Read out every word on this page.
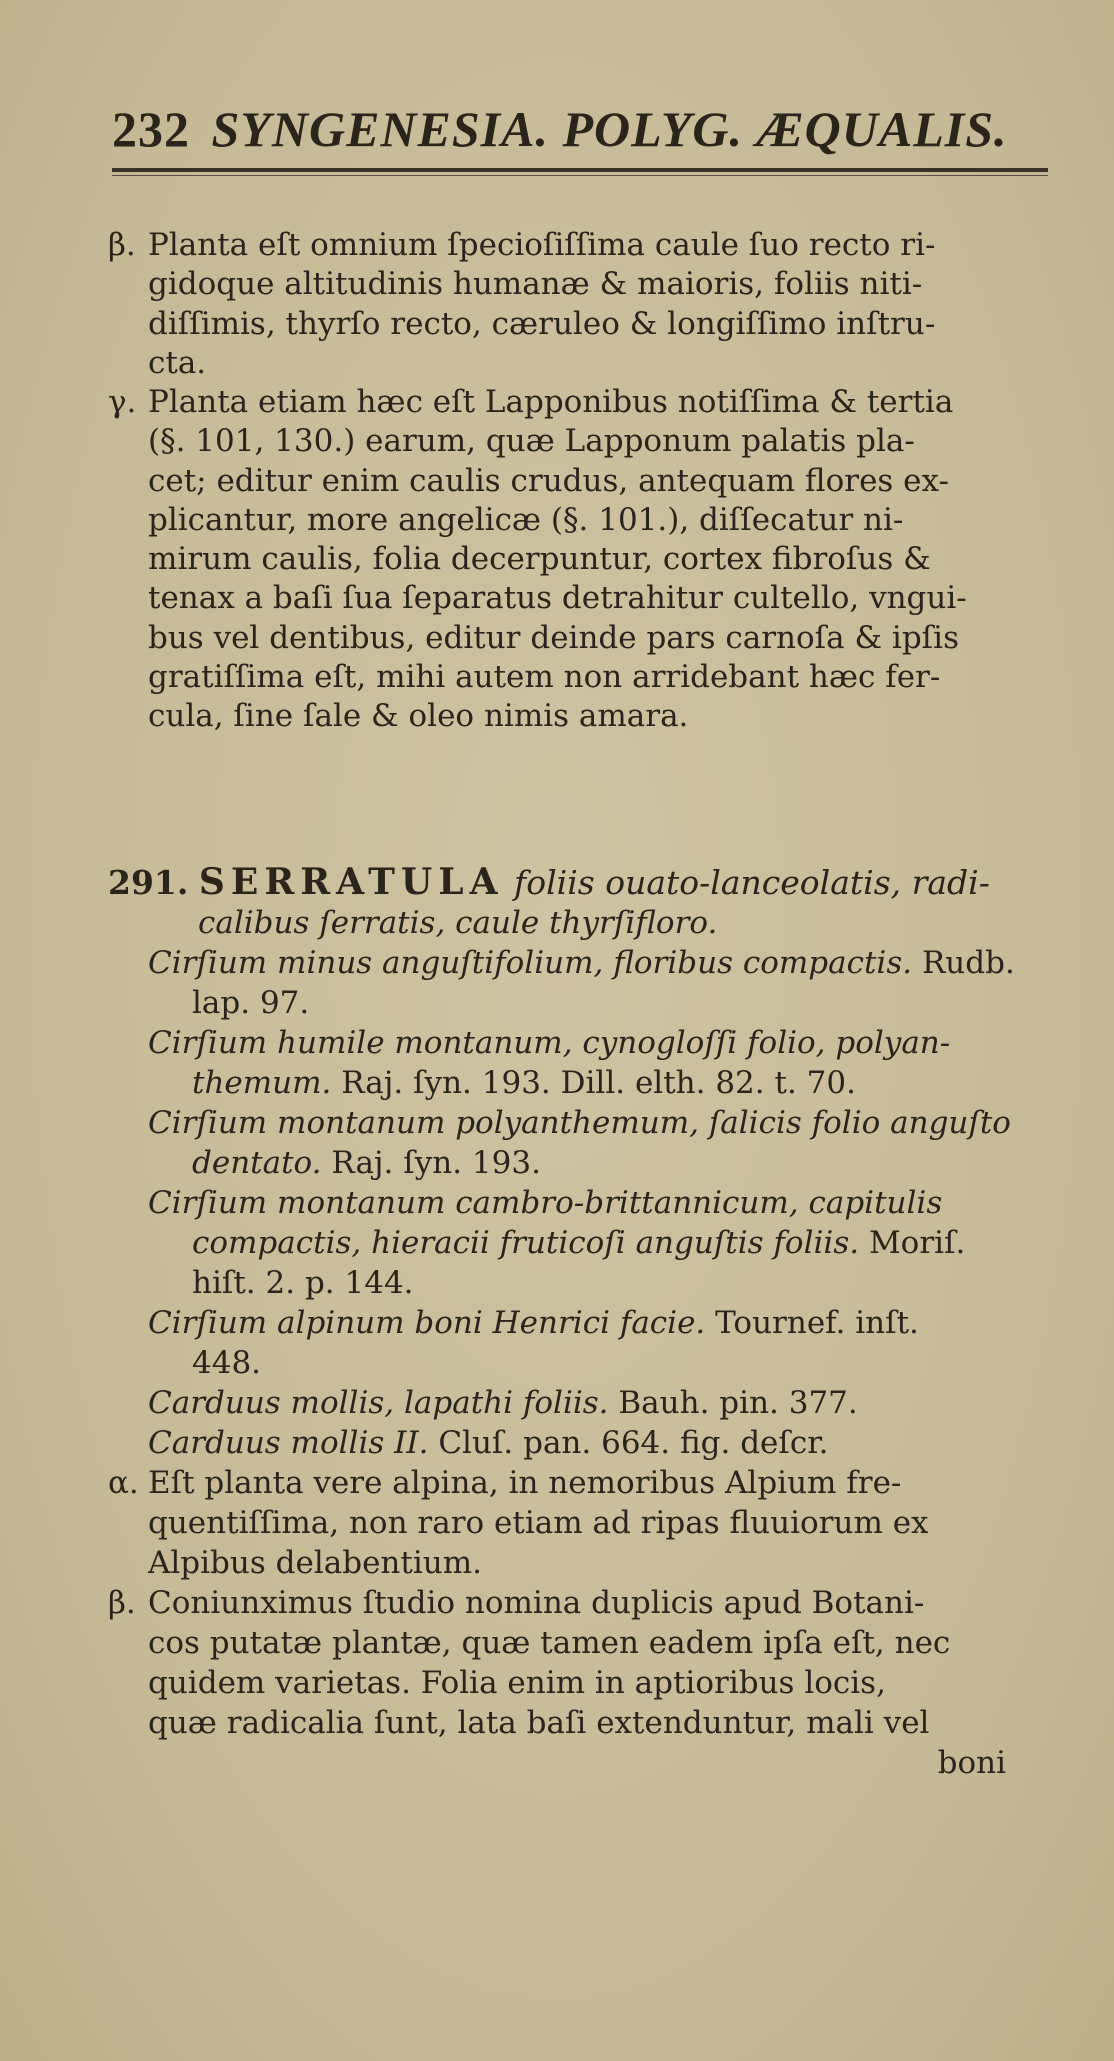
232 SYNGENESIA. POLYG. ÆQUALIS.
β. Planta eſt omnium ſpecioſiſſima caule ſuo recto ri-
gidoque altitudinis humanæ & maioris, foliis niti-
diſſimis, thyrſo recto, cæruleo & longiſſimo inſtru-
cta.
γ. Planta etiam hæc eſt Lapponibus notiſſima & tertia
(§. 101, 130.) earum, quæ Lapponum palatis pla-
cet; editur enim caulis crudus, antequam flores ex-
plicantur, more angelicæ (§. 101.), diſſecatur ni-
mirum caulis, folia decerpuntur, cortex fibroſus &
tenax a baſi ſua ſeparatus detrahitur cultello, vngui-
bus vel dentibus, editur deinde pars carnoſa & ipſis
gratiſſima eſt, mihi autem non arridebant hæc fer-
cula, ſine ſale & oleo nimis amara.
291. SERRATULA foliis ouato-lanceolatis, radi-
calibus ſerratis, caule thyrſifloro.
Cirſium minus anguſtifolium, floribus compactis. Rudb.
lap. 97.
Cirſium humile montanum, cynogloſſi folio, polyan-
themum. Raj. ſyn. 193. Dill. elth. 82. t. 70.
Cirſium montanum polyanthemum, ſalicis folio anguſto
dentato. Raj. ſyn. 193.
Cirſium montanum cambro-brittannicum, capitulis
compactis, hieracii fruticoſi anguſtis foliis. Moriſ.
hiſt. 2. p. 144.
Cirſium alpinum boni Henrici facie. Tournef. inſt.
448.
Carduus mollis, lapathi foliis. Bauh. pin. 377.
Carduus mollis II. Cluſ. pan. 664. fig. deſcr.
α. Eſt planta vere alpina, in nemoribus Alpium fre-
quentiſſima, non raro etiam ad ripas fluuiorum ex
Alpibus delabentium.
β. Coniunximus ſtudio nomina duplicis apud Botani-
cos putatæ plantæ, quæ tamen eadem ipſa eſt, nec
quidem varietas. Folia enim in aptioribus locis,
quæ radicalia ſunt, lata baſi extenduntur, mali vel
boni
